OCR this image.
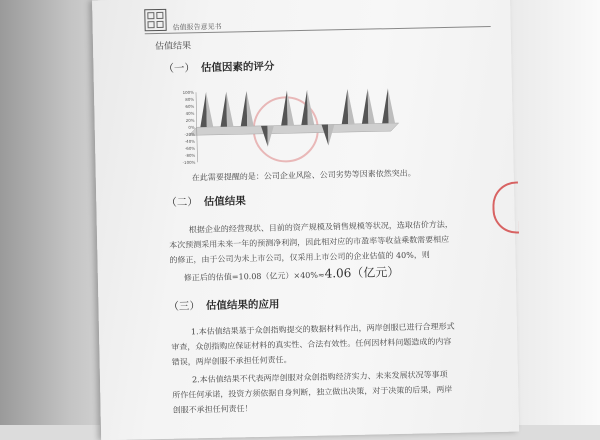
估值报告意见书
估值结果
（一） 估值因素的评分
100%
80%
60%
40%
20%
0%
-20%
-40%
-60%
-80%
-100%
在此需要提醒的是：公司企业风险、公司劣势等因素依然突出。
（二） 估值结果
根据企业的经营现状、目前的资产规模及销售规模等状况，选取估价方法，
本次预测采用未来一年的预测净利润，因此相对应的市盈率等收益乘数需要相应
的修正，由于公司为未上市公司，仅采用上市公司的企业估值的 40%，则
修正后的估值=10.08（亿元）×40%≈4.06（亿元）
（三） 估值结果的应用
1.本估值结果基于众创指购提交的数据材料作出，两岸创服已进行合理形式
审查，众创指购应保证材料的真实性、合法有效性。任何因材料问题造成的内容
错误，两岸创服不承担任何责任。
2.本估值结果不代表两岸创服对众创指购经济实力、未来发展状况等事项
所作任何承诺，投资方须依据自身判断，独立做出决策，对于决策的后果，两岸
创服不承担任何责任！
